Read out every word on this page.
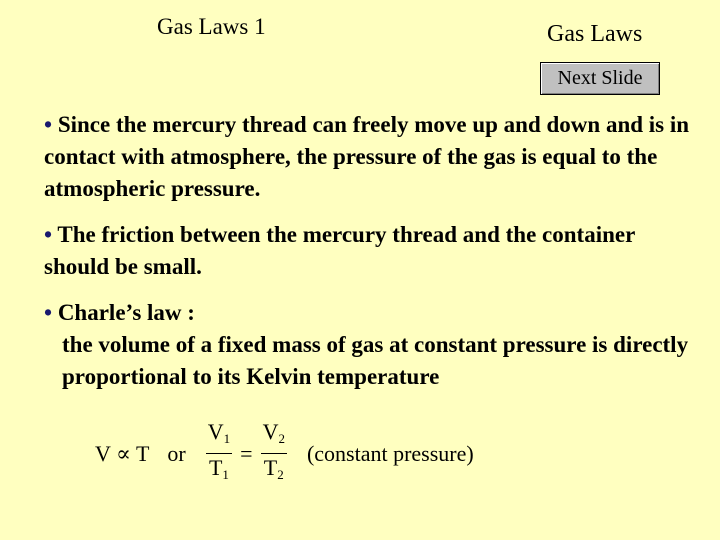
Gas Laws 1	Gas Laws
Next Slide

• Since the mercury thread can freely move up and down and is in contact with atmosphere, the pressure of the gas is equal to the atmospheric pressure.

• The friction between the mercury thread and the container should be small.

• Charle’s law :
the volume of a fixed mass of gas at constant pressure is directly proportional to its Kelvin temperature

V ∝ T or $\frac{V_1}{T_1} = \frac{V_2}{T_2}$ (constant pressure)
